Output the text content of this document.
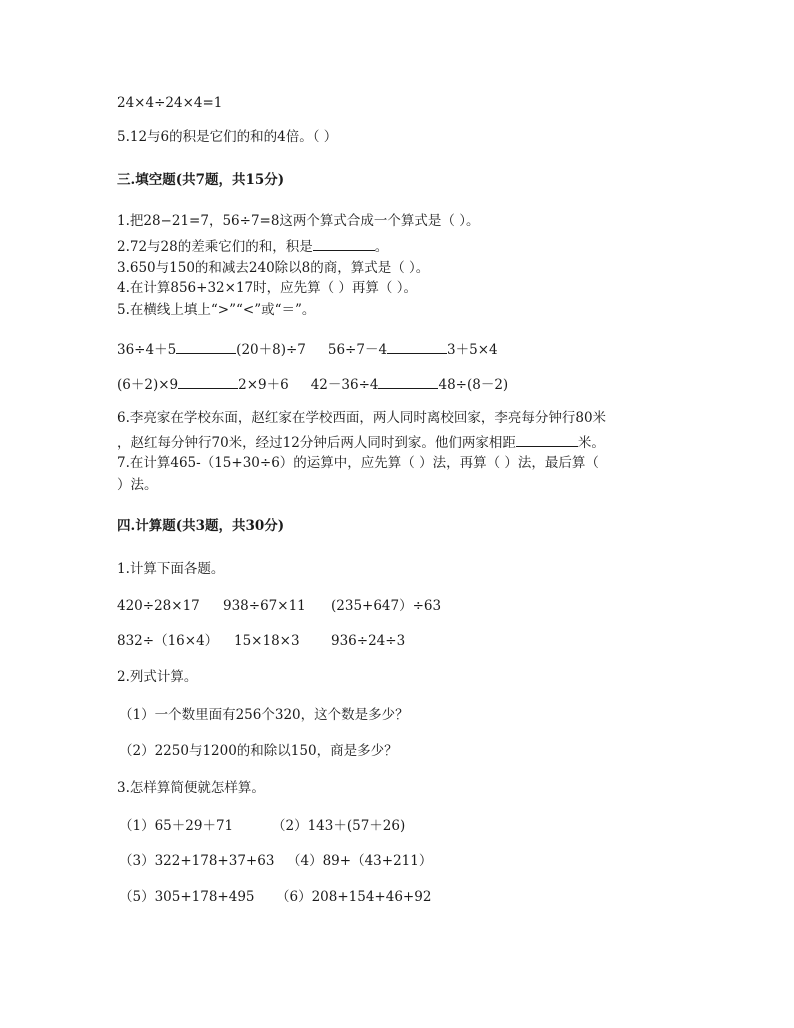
24×4÷24×4=1
5.12与6的积是它们的和的4倍。（ ）
三.填空题(共7题，共15分)
1.把28−21=7，56÷7=8这两个算式合成一个算式是（ ）。
2.72与28的差乘它们的和，积是	。
3.650与150的和减去240除以8的商，算式是（ ）。
4.在计算856+32×17时，应先算（ ）再算（ ）。
5.在横线上填上“>”“<”或“＝”。
36÷4＋5	(20＋8)÷7 56÷7－4	3＋5×4
(6＋2)×9	2×9＋6 42－36÷4	48÷(8－2)
6.李亮家在学校东面，赵红家在学校西面，两人同时离校回家，李亮每分钟行80米
，赵红每分钟行70米，经过12分钟后两人同时到家。他们两家相距	米。
7.在计算465-（15+30÷6）的运算中，应先算（ ）法，再算（ ）法，最后算（
）法。
四.计算题(共3题，共30分)
1.计算下面各题。
420÷28×17 938÷67×11 (235+647）÷63
832÷（16×4） 15×18×3 936÷24÷3
2.列式计算。
（1）一个数里面有256个320，这个数是多少？
（2）2250与1200的和除以150，商是多少？
3.怎样算简便就怎样算。
（1）65＋29＋71	（2）143＋(57＋26)
（3）322+178+37+63 （4）89+（43+211）
（5）305+178+495 （6）208+154+46+92
